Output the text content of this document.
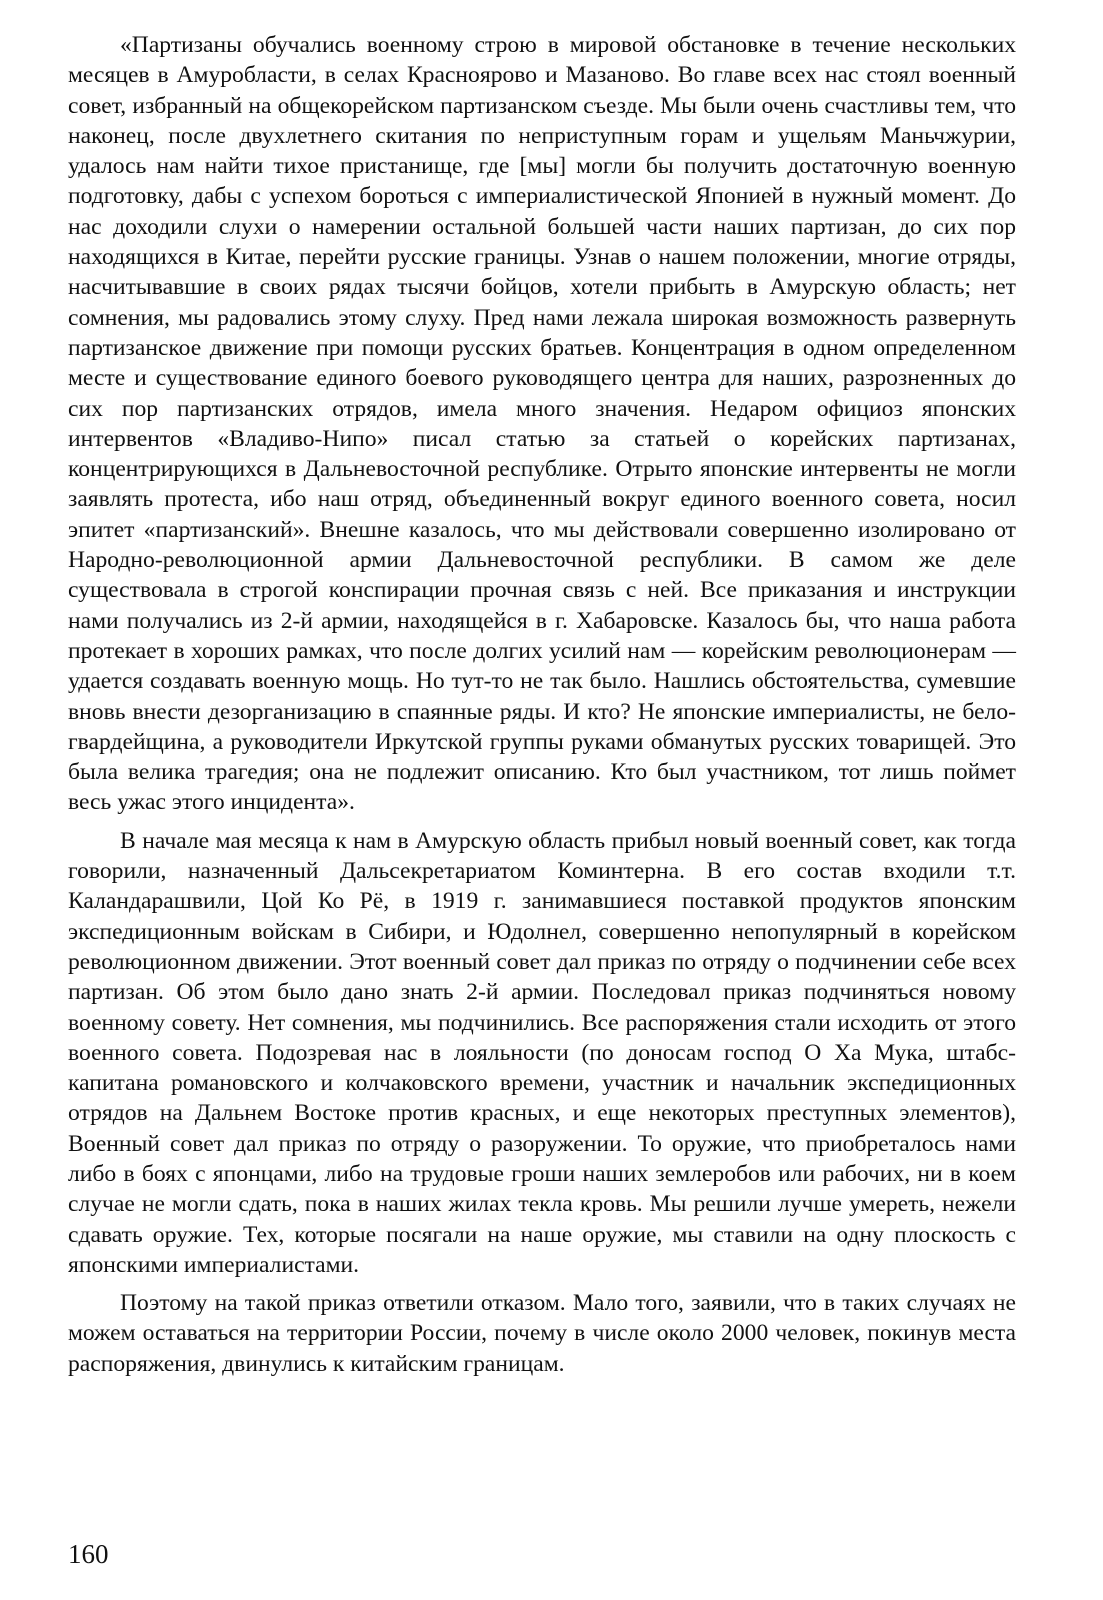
«Партизаны обучались военному строю в мировой обстановке в течение нескольких месяцев в Амуробласти, в селах Краснoярово и Мазаново. Во главе всех нас стоял военный совет, избранный на общекорейском партизанском съезде. Мы были очень счастливы тем, что наконец, после двухлетнего скитания по неприступным горам и ущельям Маньчжурии, удалось нам найти тихое пристанище, где [мы] могли бы получить достаточную военную подготовку, дабы с успехом бороться с империалистической Японией в нужный момент. До нас доходили слухи о намерении остальной большей части наших партизан, до сих пор находящихся в Китае, перейти русские границы. Узнав о нашем положении, многие отряды, насчитывавшие в своих рядах тысячи бойцов, хотели прибыть в Амурскую область; нет сомнения, мы радовались этому слуху. Пред нами лежала широкая возможность развернуть партизанское движение при помощи русских братьев. Концентрация в одном определенном месте и существование единого боевого руководящего центра для наших, разрозненных до сих пор партизанских отрядов, имела много значения. Недаром официоз японских интервентов «Владиво-Нипо» писал статью за статьей о корейских партизанах, концентрирующихся в Дальневосточной республике. Отрыто японские интервенты не могли заявлять протеста, ибо наш отряд, объединенный вокруг единого военного совета, носил эпитет «партизанский». Внешне казалось, что мы действовали совершенно изолировано от Народно-революционной армии Дальневосточной республики. В самом же деле существовала в строгой конспирации прочная связь с ней. Все приказания и инструкции нами получались из 2-й армии, находящейся в г. Хабаровске. Казалось бы, что наша работа протекает в хороших рамках, что после долгих усилий нам — корейским революционерам — удается создавать военную мощь. Но тут-то не так было. Нашлись обстоятельства, сумевшие вновь внести дезорганизацию в спаянные ряды. И кто? Не японские империалисты, не белогвардейщина, а руководители Иркутской группы руками обманутых русских товарищей. Это была велика трагедия; она не подлежит описанию. Кто был участником, тот лишь поймет весь ужас этого инцидента».

В начале мая месяца к нам в Амурскую область прибыл новый военный совет, как тогда говорили, назначенный Дальсекретариатом Коминтерна. В его состав входили т.т. Каландарашвили, Цой Ко Рё, в 1919 г. занимавшиеся поставкой продуктов японским экспедиционным войскам в Сибири, и Юдолнел, совершенно непопулярный в корейском революционном движении. Этот военный совет дал приказ по отряду о подчинении себе всех партизан. Об этом было дано знать 2-й армии. Последовал приказ подчиняться новому военному совету. Нет сомнения, мы подчинились. Все распоряжения стали исходить от этого военного совета. Подозревая нас в лояльности (по доносам господ О Ха Мука, штабс-капитана романовского и колчаковского времени, участник и начальник экспедиционных отрядов на Дальнем Востоке против красных, и еще некоторых преступных элементов), Военный совет дал приказ по отряду о разоружении. То оружие, что приобреталось нами либо в боях с японцами, либо на трудовые гроши наших землеробов или рабочих, ни в коем случае не могли сдать, пока в наших жилах текла кровь. Мы решили лучше умереть, нежели сдавать оружие. Тех, которые посягали на наше оружие, мы ставили на одну плоскость с японскими империалистами.

Поэтому на такой приказ ответили отказом. Мало того, заявили, что в таких случаях не можем оставаться на территории России, почему в числе около 2000 человек, покинув места распоряжения, двинулись к китайским границам.

160
